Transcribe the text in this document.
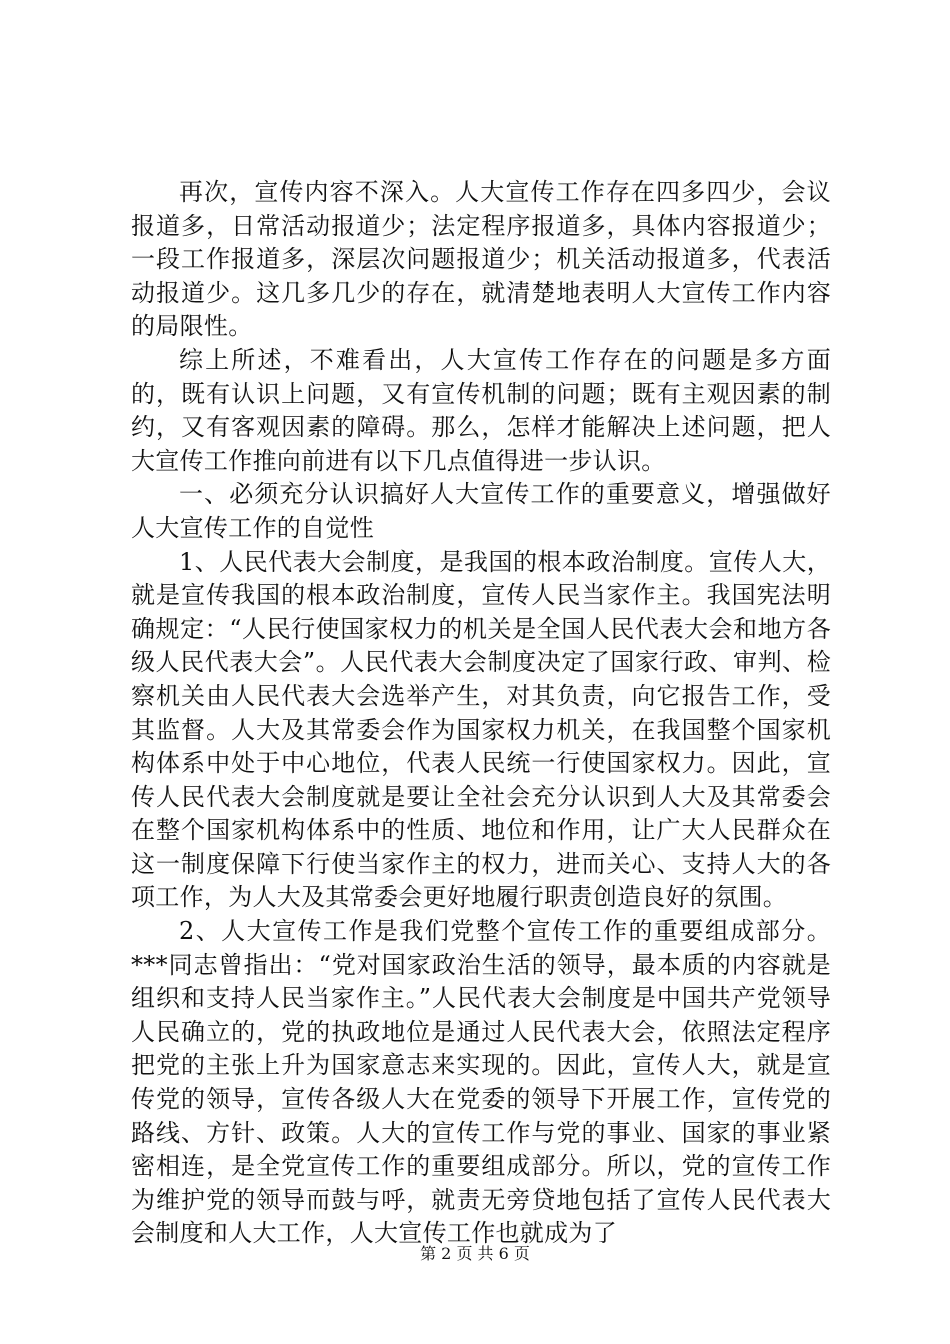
再次，宣传内容不深入。人大宣传工作存在四多四少，会议报道多，日常活动报道少；法定程序报道多，具体内容报道少；一段工作报道多，深层次问题报道少；机关活动报道多，代表活动报道少。这几多几少的存在，就清楚地表明人大宣传工作内容的局限性。

综上所述，不难看出，人大宣传工作存在的问题是多方面的，既有认识上问题，又有宣传机制的问题；既有主观因素的制约，又有客观因素的障碍。那么，怎样才能解决上述问题，把人大宣传工作推向前进有以下几点值得进一步认识。

一、必须充分认识搞好人大宣传工作的重要意义，增强做好人大宣传工作的自觉性

1、人民代表大会制度，是我国的根本政治制度。宣传人大，就是宣传我国的根本政治制度，宣传人民当家作主。我国宪法明确规定：“人民行使国家权力的机关是全国人民代表大会和地方各级人民代表大会”。人民代表大会制度决定了国家行政、审判、检察机关由人民代表大会选举产生，对其负责，向它报告工作，受其监督。人大及其常委会作为国家权力机关，在我国整个国家机构体系中处于中心地位，代表人民统一行使国家权力。因此，宣传人民代表大会制度就是要让全社会充分认识到人大及其常委会在整个国家机构体系中的性质、地位和作用，让广大人民群众在这一制度保障下行使当家作主的权力，进而关心、支持人大的各项工作，为人大及其常委会更好地履行职责创造良好的氛围。

2、人大宣传工作是我们党整个宣传工作的重要组成部分。***同志曾指出：“党对国家政治生活的领导，最本质的内容就是组织和支持人民当家作主。”人民代表大会制度是中国共产党领导人民确立的，党的执政地位是通过人民代表大会，依照法定程序把党的主张上升为国家意志来实现的。因此，宣传人大，就是宣传党的领导，宣传各级人大在党委的领导下开展工作，宣传党的路线、方针、政策。人大的宣传工作与党的事业、国家的事业紧密相连，是全党宣传工作的重要组成部分。所以，党的宣传工作为维护党的领导而鼓与呼，就责无旁贷地包括了宣传人民代表大会制度和人大工作，人大宣传工作也就成为了

第 2 页 共 6 页
